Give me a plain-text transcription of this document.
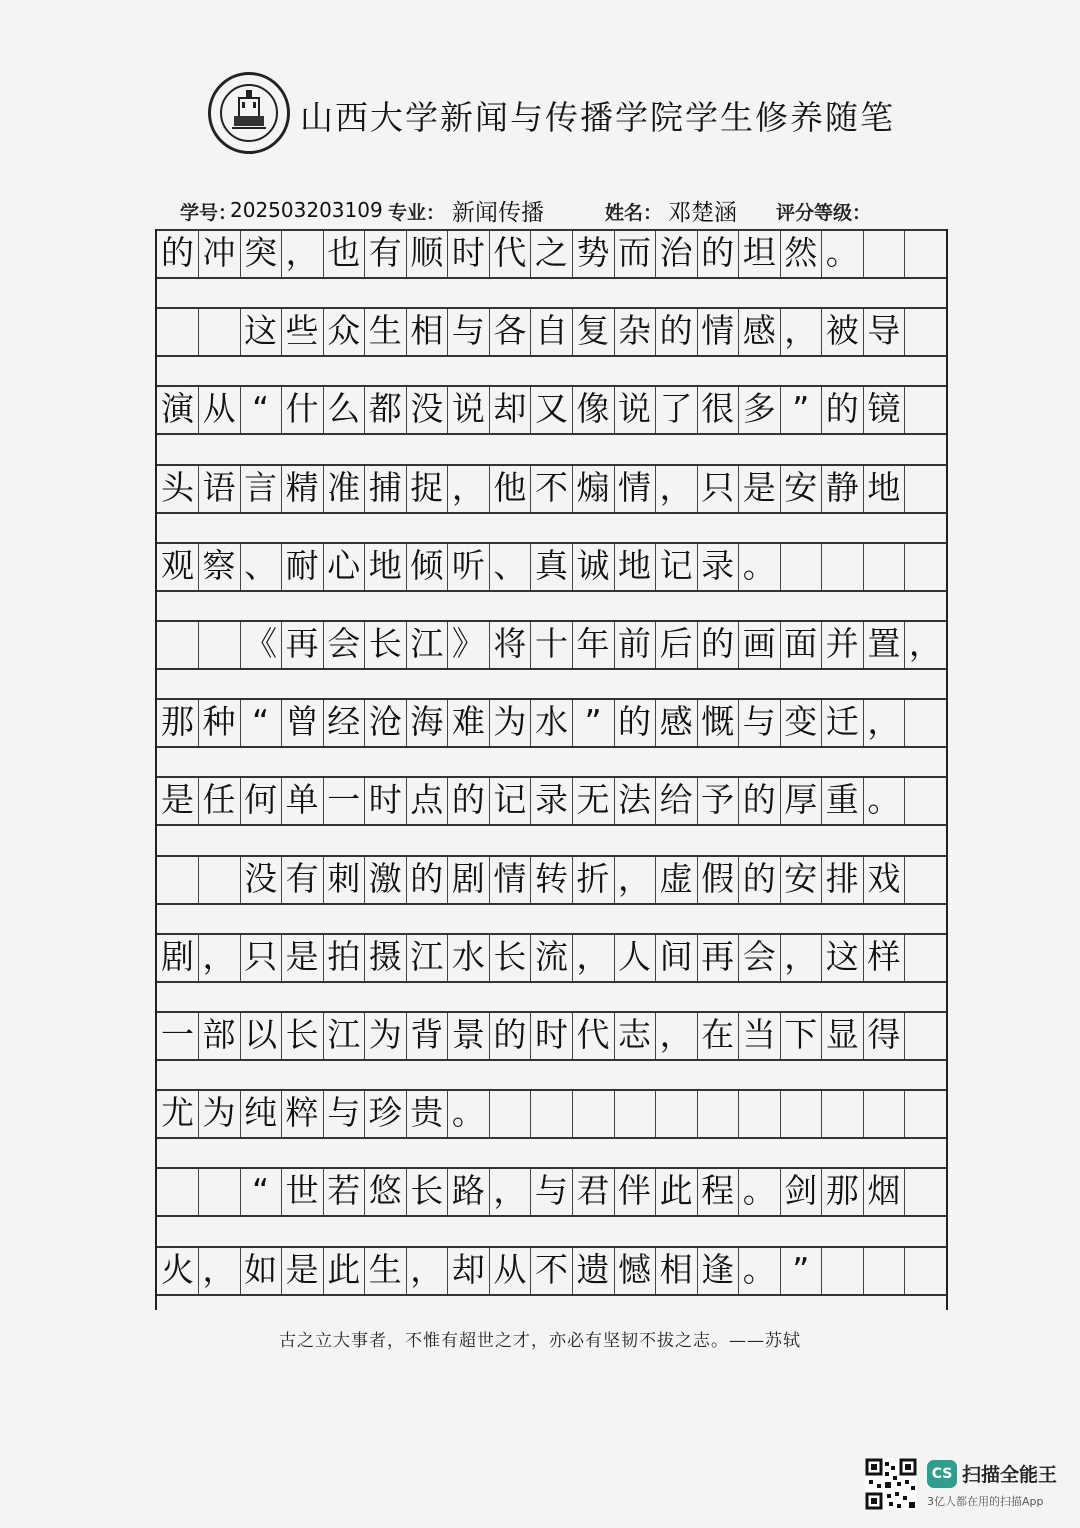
山西大学新闻与传播学院学生修养随笔
学号：
202503203109 专业： 新闻传播	姓名： 邓楚涵 评分等级：
的 冲 突 ， 也 有 顺 时 代 之 势 而 治 的 坦 然 。
这 些 众 生 相 与 各 自 复 杂 的 情 感 ， 被 导
演 从 “ 什 么 都 没 说 却 又 像 说 了 很 多 ” 的 镜
头 语 言 精 准 捕 捉 ， 他 不 煽 情 ， 只 是 安 静 地
观 察 、 耐 心 地 倾 听 、 真 诚 地 记 录 。
《 再 会 长 江 》 将 十 年 前 后 的 画 面 并 置 ，
那 种 “ 曾 经 沧 海 难 为 水 ” 的 感 慨 与 变 迁 ，
是 任 何 单 一 时 点 的 记 录 无 法 给 予 的 厚 重 。
没 有 刺 激 的 剧 情 转 折 ， 虚 假 的 安 排 戏
剧 ， 只 是 拍 摄 江 水 长 流 ， 人 间 再 会 ， 这 样
一 部 以 长 江 为 背 景 的 时 代 志 ， 在 当 下 显 得
尤 为 纯 粹 与 珍 贵 。
“ 世 若 悠 长 路 ， 与 君 伴 此 程 。 剑 那 烟
火 ， 如 是 此 生 ， 却 从 不 遗 憾 相 逢 。 ”
古之立大事者，不惟有超世之才，亦必有坚韧不拔之志。——苏轼
CS 扫描全能王
3亿人都在用的扫描App
